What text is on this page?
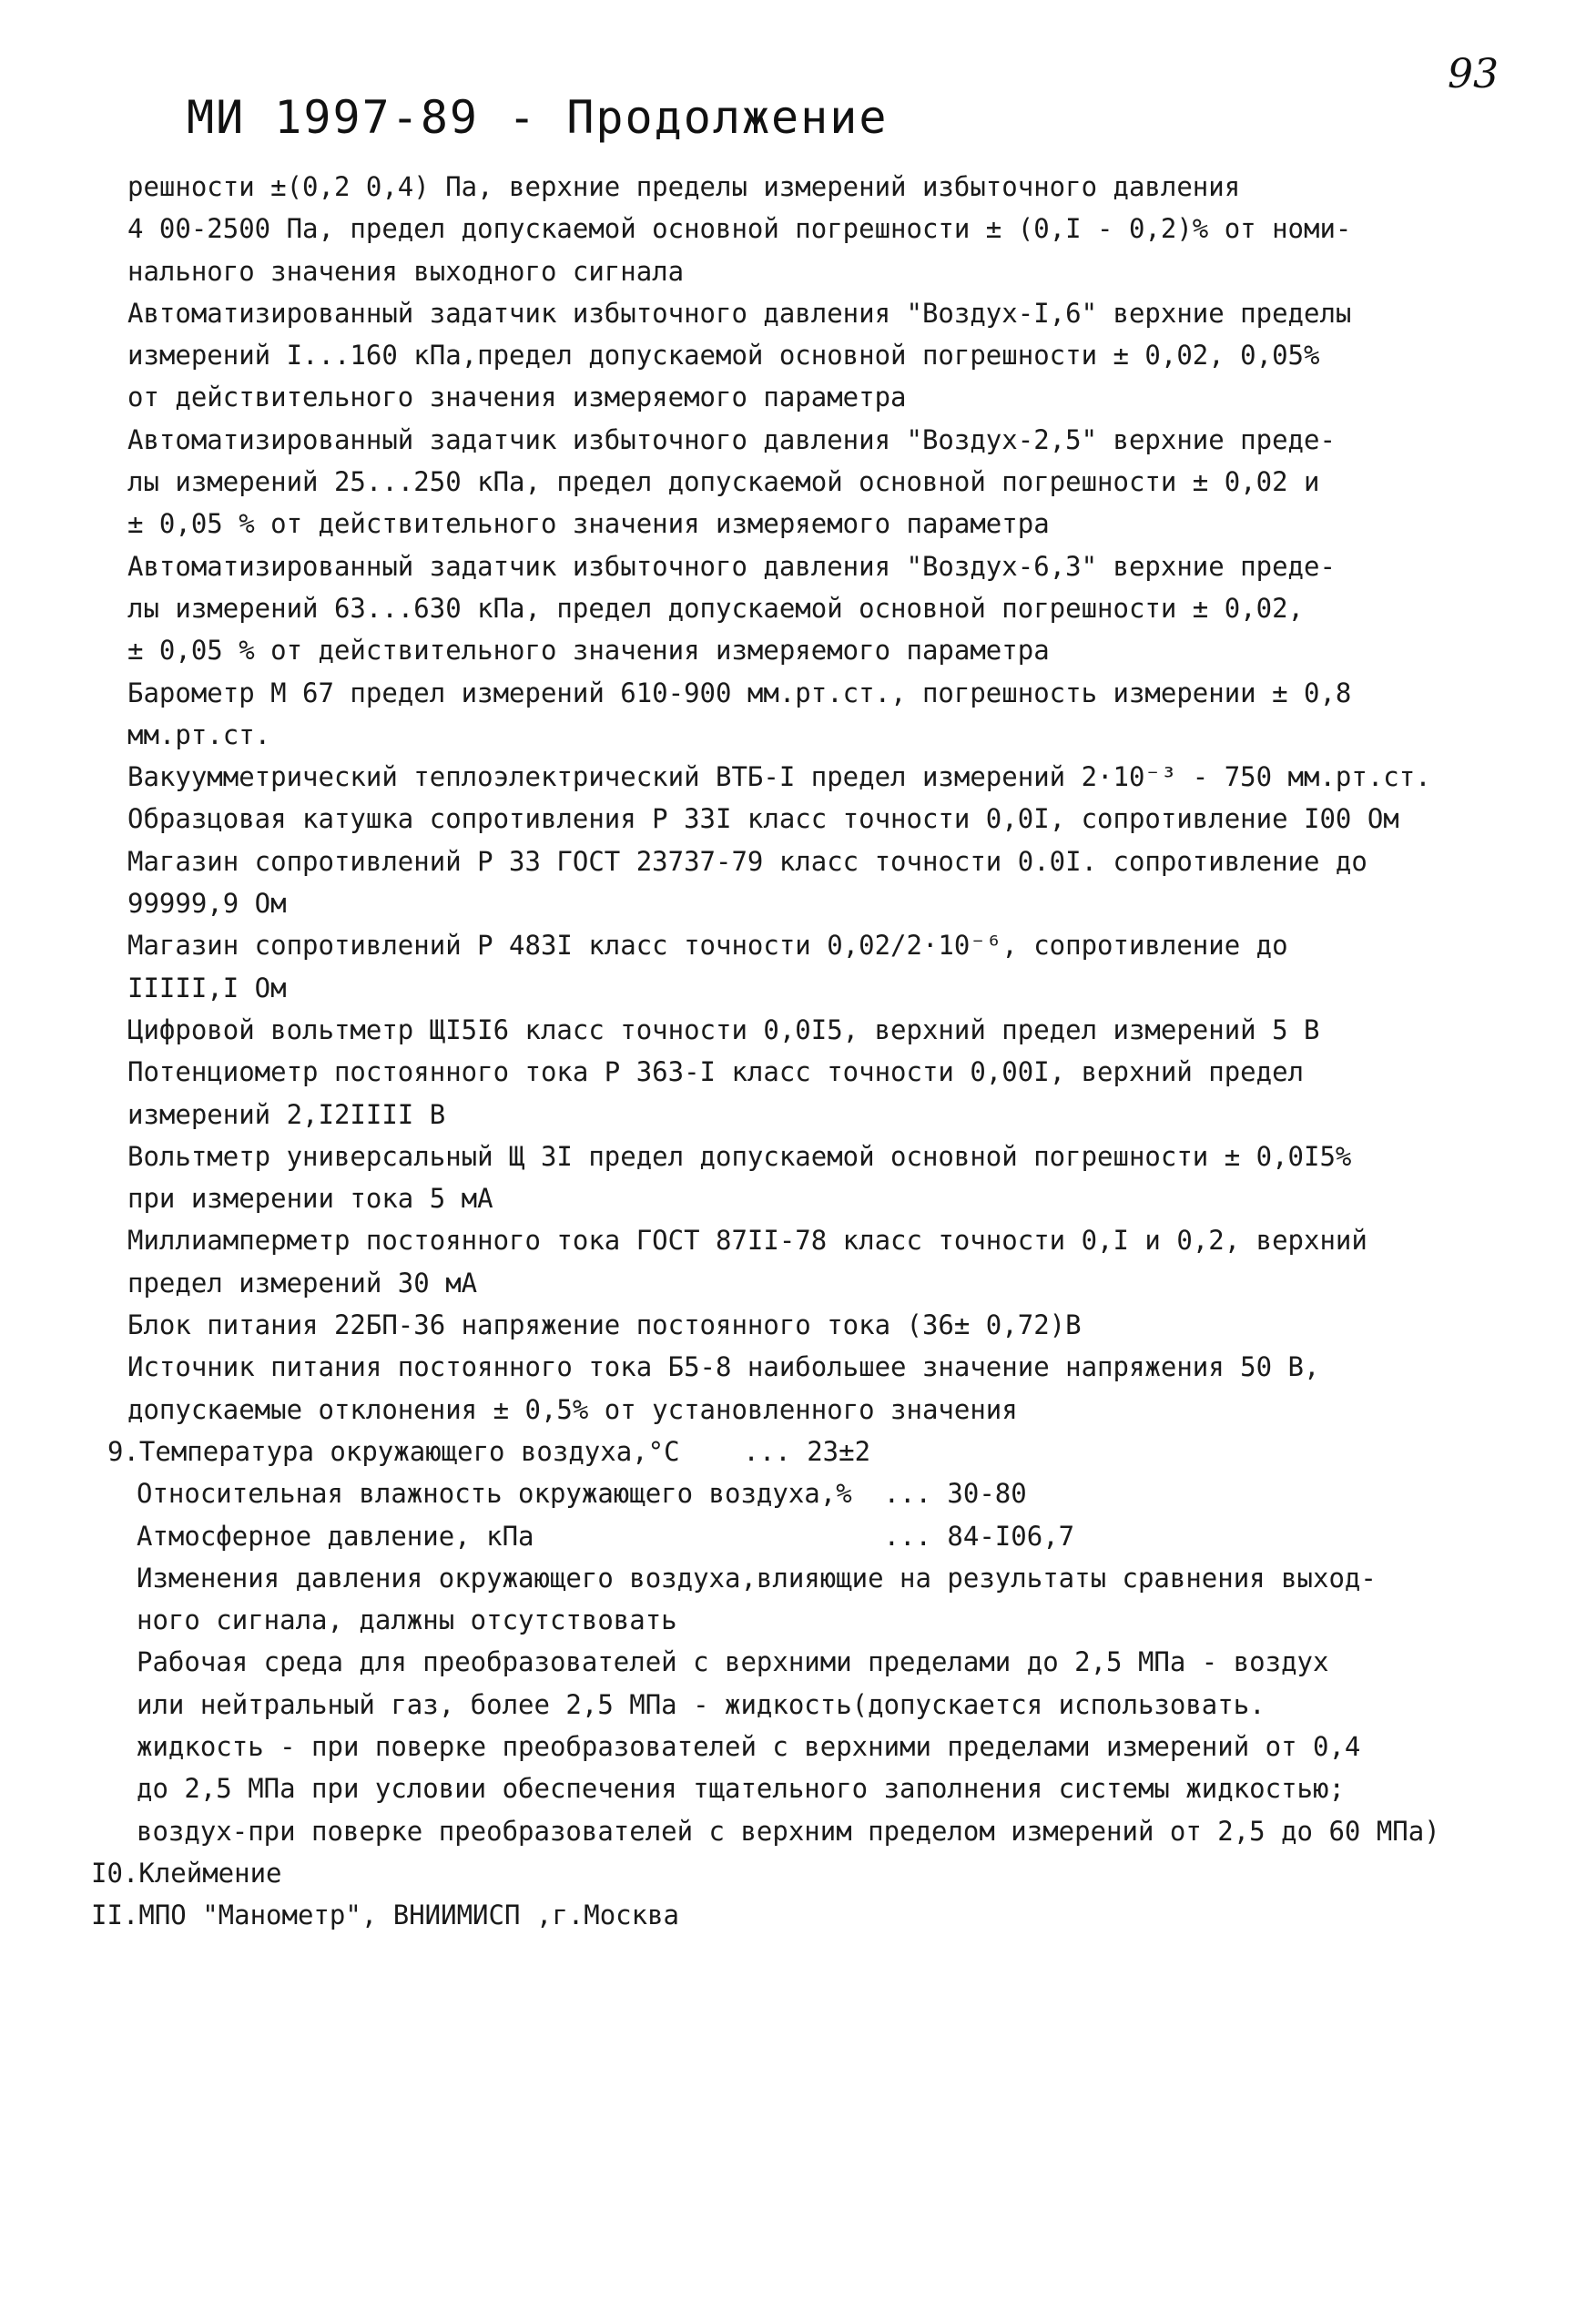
93
МИ 1997-89 - Продолжение
решности ±(0,2 0,4) Па, верхние пределы измерений избыточного давления
4 00-2500 Па, предел допускаемой основной погрешности ± (0,I - 0,2)% от номи-
нального значения выходного сигнала
Автоматизированный задатчик избыточного давления "Воздух-I,6" верхние пределы
измерений I...160 кПа,предел допускаемой основной погрешности ± 0,02, 0,05%
от действительного значения измеряемого параметра
Автоматизированный задатчик избыточного давления "Воздух-2,5" верхние преде-
лы измерений 25...250 кПа, предел допускаемой основной погрешности ± 0,02 и
± 0,05 % от действительного значения измеряемого параметра
Автоматизированный задатчик избыточного давления "Воздух-6,3" верхние преде-
лы измерений 63...630 кПа, предел допускаемой основной погрешности ± 0,02,
± 0,05 % от действительного значения измеряемого параметра
Барометр М 67 предел измерений 610-900 мм.рт.ст., погрешность измерении ± 0,8
мм.рт.ст.
Вакуумметрический теплоэлектрический ВТБ-I предел измерений 2·10⁻³ - 750 мм.рт.ст.
Образцовая катушка сопротивления Р 33I класс точности 0,0I, сопротивление I00 Ом
Магазин сопротивлений Р 33 ГОСТ 23737-79 класс точности 0.0I. сопротивление до
99999,9 Ом
Магазин сопротивлений Р 483I класс точности 0,02/2·10⁻⁶, сопротивление до
IIIII,I Ом
Цифровой вольтметр ЩI5I6 класс точности 0,0I5, верхний предел измерений 5 В
Потенциометр постоянного тока Р 363-I класс точности 0,00I, верхний предел
измерений 2,I2IIII В
Вольтметр универсальный Щ 3I предел допускаемой основной погрешности ± 0,0I5%
при измерении тока 5 мА
Миллиамперметр постоянного тока ГОСТ 87II-78 класс точности 0,I и 0,2, верхний
предел измерений 30 мА
Блок питания 22БП-36 напряжение постоянного тока (36± 0,72)В
Источник питания постоянного тока Б5-8 наибольшее значение напряжения 50 В,
допускаемые отклонения ± 0,5% от установленного значения
9.Температура окружающего воздуха,°С    ... 23±2
Относительная влажность окружающего воздуха,%  ... 30-80
Атмосферное давление, кПа                      ... 84-I06,7
Изменения давления окружающего воздуха,влияющие на результаты сравнения выход-
ного сигнала, далжны отсутствовать
Рабочая среда для преобразователей с верхними пределами до 2,5 МПа - воздух
или нейтральный газ, более 2,5 МПа - жидкость(допускается использовать.
жидкость - при поверке преобразователей с верхними пределами измерений от 0,4
до 2,5 МПа при условии обеспечения тщательного заполнения системы жидкостью;
воздух-при поверке преобразователей с верхним пределом измерений от 2,5 до 60 МПа)
I0.Клеймение
II.МПО "Манометр", ВНИИМИСП ,г.Москва
